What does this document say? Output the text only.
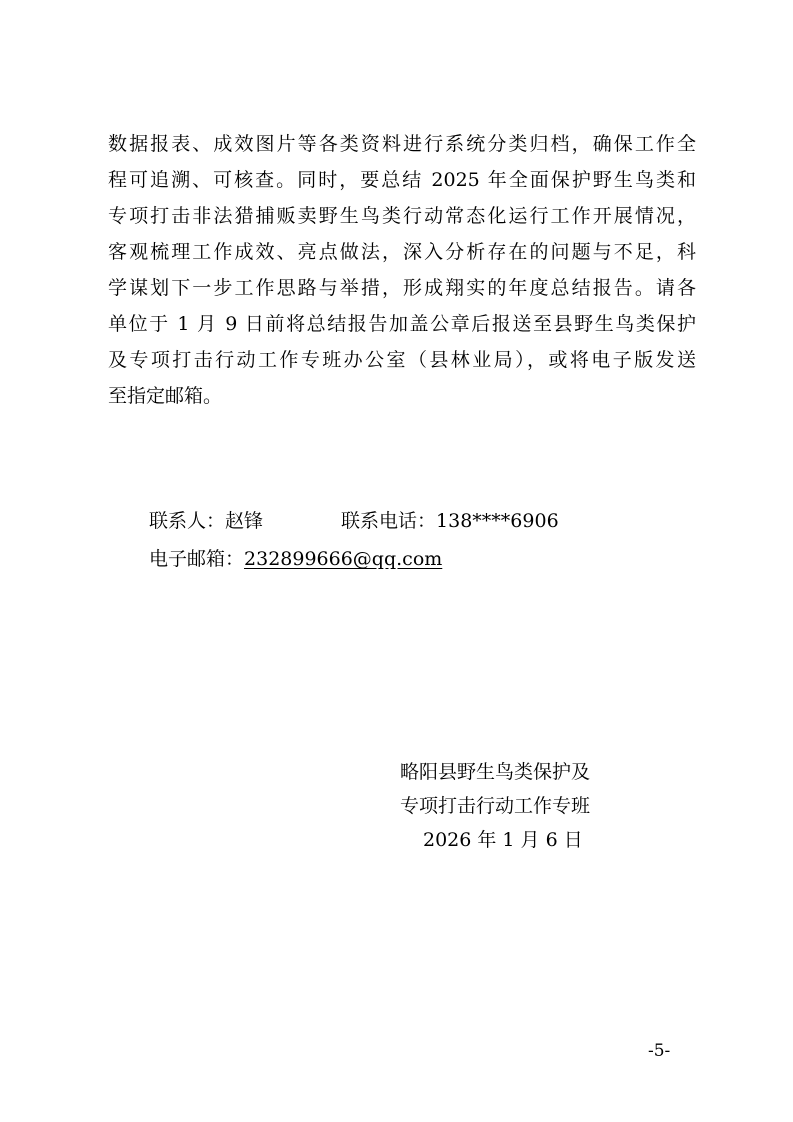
数据报表、成效图片等各类资料进行系统分类归档，确保工作全
程可追溯、可核查。同时，要总结 2025 年全面保护野生鸟类和
专项打击非法猎捕贩卖野生鸟类行动常态化运行工作开展情况，
客观梳理工作成效、亮点做法，深入分析存在的问题与不足，科
学谋划下一步工作思路与举措，形成翔实的年度总结报告。请各
单位于 1 月 9 日前将总结报告加盖公章后报送至县野生鸟类保护
及专项打击行动工作专班办公室（县林业局），或将电子版发送
至指定邮箱。
联系人：赵锋	联系电话：138****6906
电子邮箱：232899666@qq.com
略阳县野生鸟类保护及
专项打击行动工作专班
2026 年 1 月 6 日
-5-
